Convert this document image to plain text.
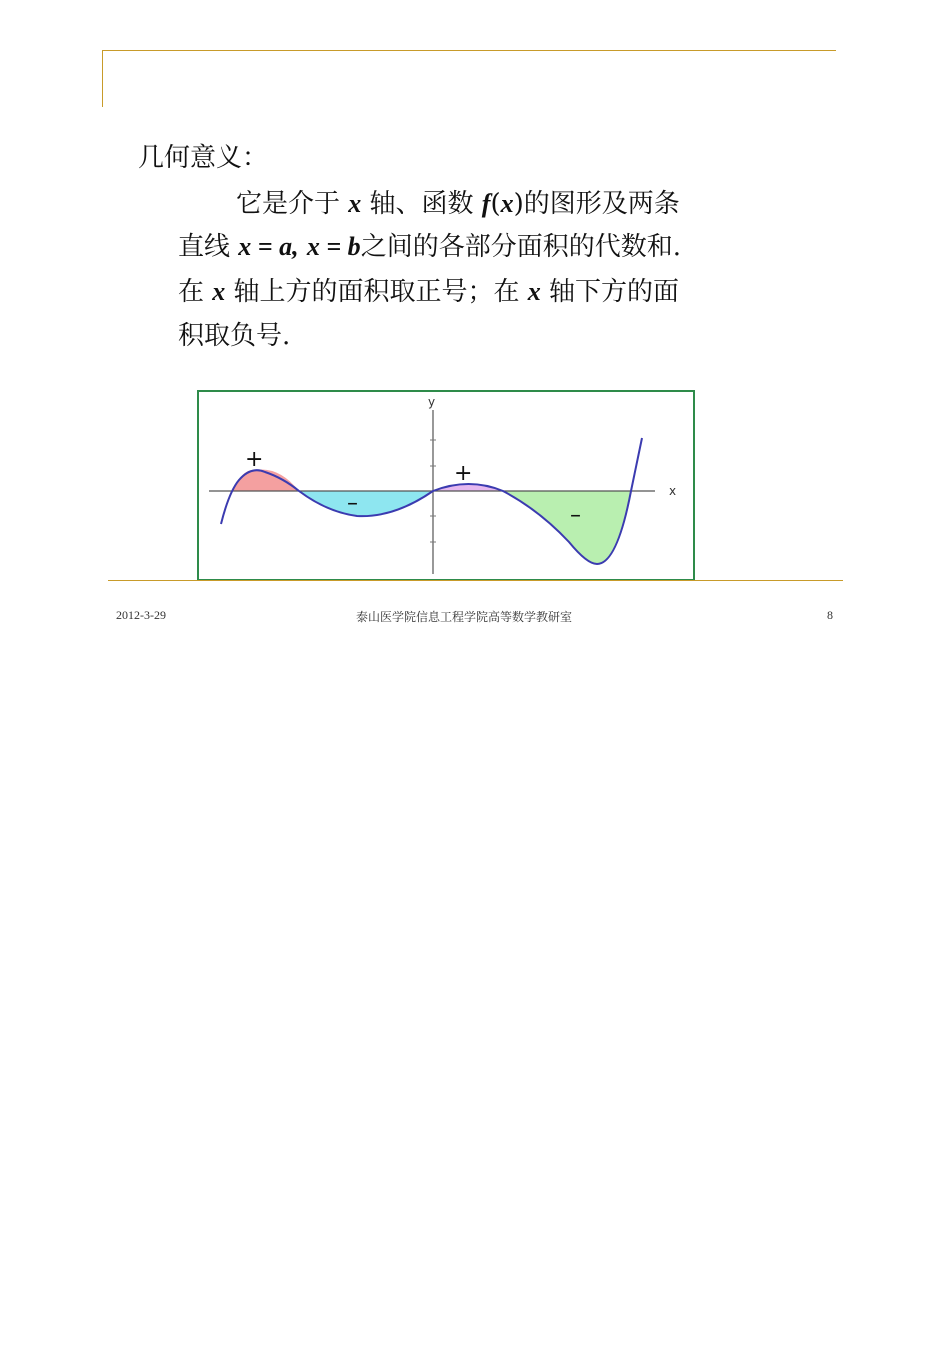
几何意义：
它是介于 x 轴、函数 f(x)的图形及两条
直线 x = a, x = b之间的各部分面积的代数和.
在 x 轴上方的面积取正号；在 x 轴下方的面
积取负号.
y
x
+
–
+
–
2012-3-29	泰山医学院信息工程学院高等数学教研室	8
